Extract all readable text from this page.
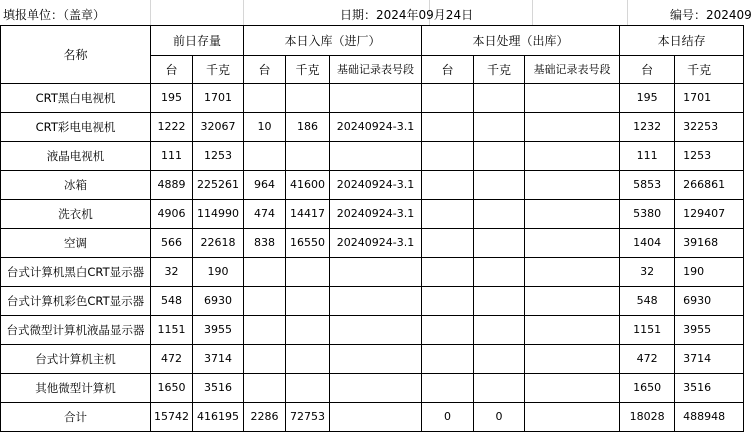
填报单位：（盖章）	日期：2024年09月24日	编号：202409
名称	前日存量		本日入库（进厂）			本日处理（出库）			本日结存	
	台	千克	台	千克	基础记录表号段	台	千克	基础记录表号段	台	千克
CRT黑白电视机	195	1701							195	1701
CRT彩电电视机	1222	32067	10	186	20240924-3.1				1232	32253
液晶电视机	111	1253							111	1253
冰箱	4889	225261	964	41600	20240924-3.1				5853	266861
洗衣机	4906	114990	474	14417	20240924-3.1				5380	129407
空调	566	22618	838	16550	20240924-3.1				1404	39168
台式计算机黑白CRT显示器	32	190							32	190
台式计算机彩色CRT显示器	548	6930							548	6930
台式微型计算机液晶显示器	1151	3955							1151	3955
台式计算机主机	472	3714							472	3714
其他微型计算机	1650	3516							1650	3516
合计	15742	416195	2286	72753		0	0		18028	488948
